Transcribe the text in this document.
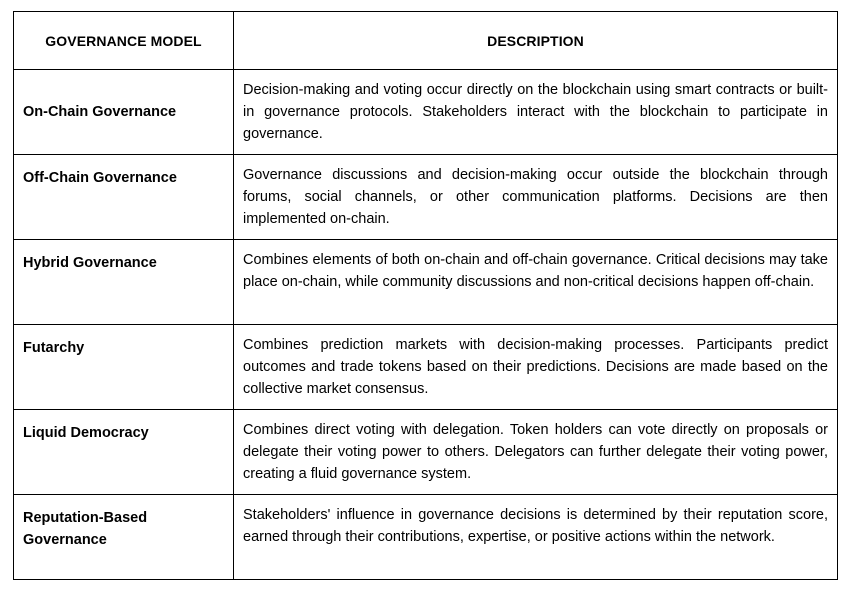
GOVERNANCE MODEL	DESCRIPTION
On-Chain Governance	Decision-making and voting occur directly on the blockchain using smart contracts or built-in governance protocols. Stakeholders interact with the blockchain to participate in governance.
Off-Chain Governance	Governance discussions and decision-making occur outside the blockchain through forums, social channels, or other communication platforms. Decisions are then implemented on-chain.
Hybrid Governance	Combines elements of both on-chain and off-chain governance. Critical decisions may take place on-chain, while community discussions and non-critical decisions happen off-chain.
Futarchy	Combines prediction markets with decision-making processes. Participants predict outcomes and trade tokens based on their predictions. Decisions are made based on the collective market consensus.
Liquid Democracy	Combines direct voting with delegation. Token holders can vote directly on proposals or delegate their voting power to others. Delegators can further delegate their voting power, creating a fluid governance system.
Reputation-Based Governance	Stakeholders' influence in governance decisions is determined by their reputation score, earned through their contributions, expertise, or positive actions within the network.
